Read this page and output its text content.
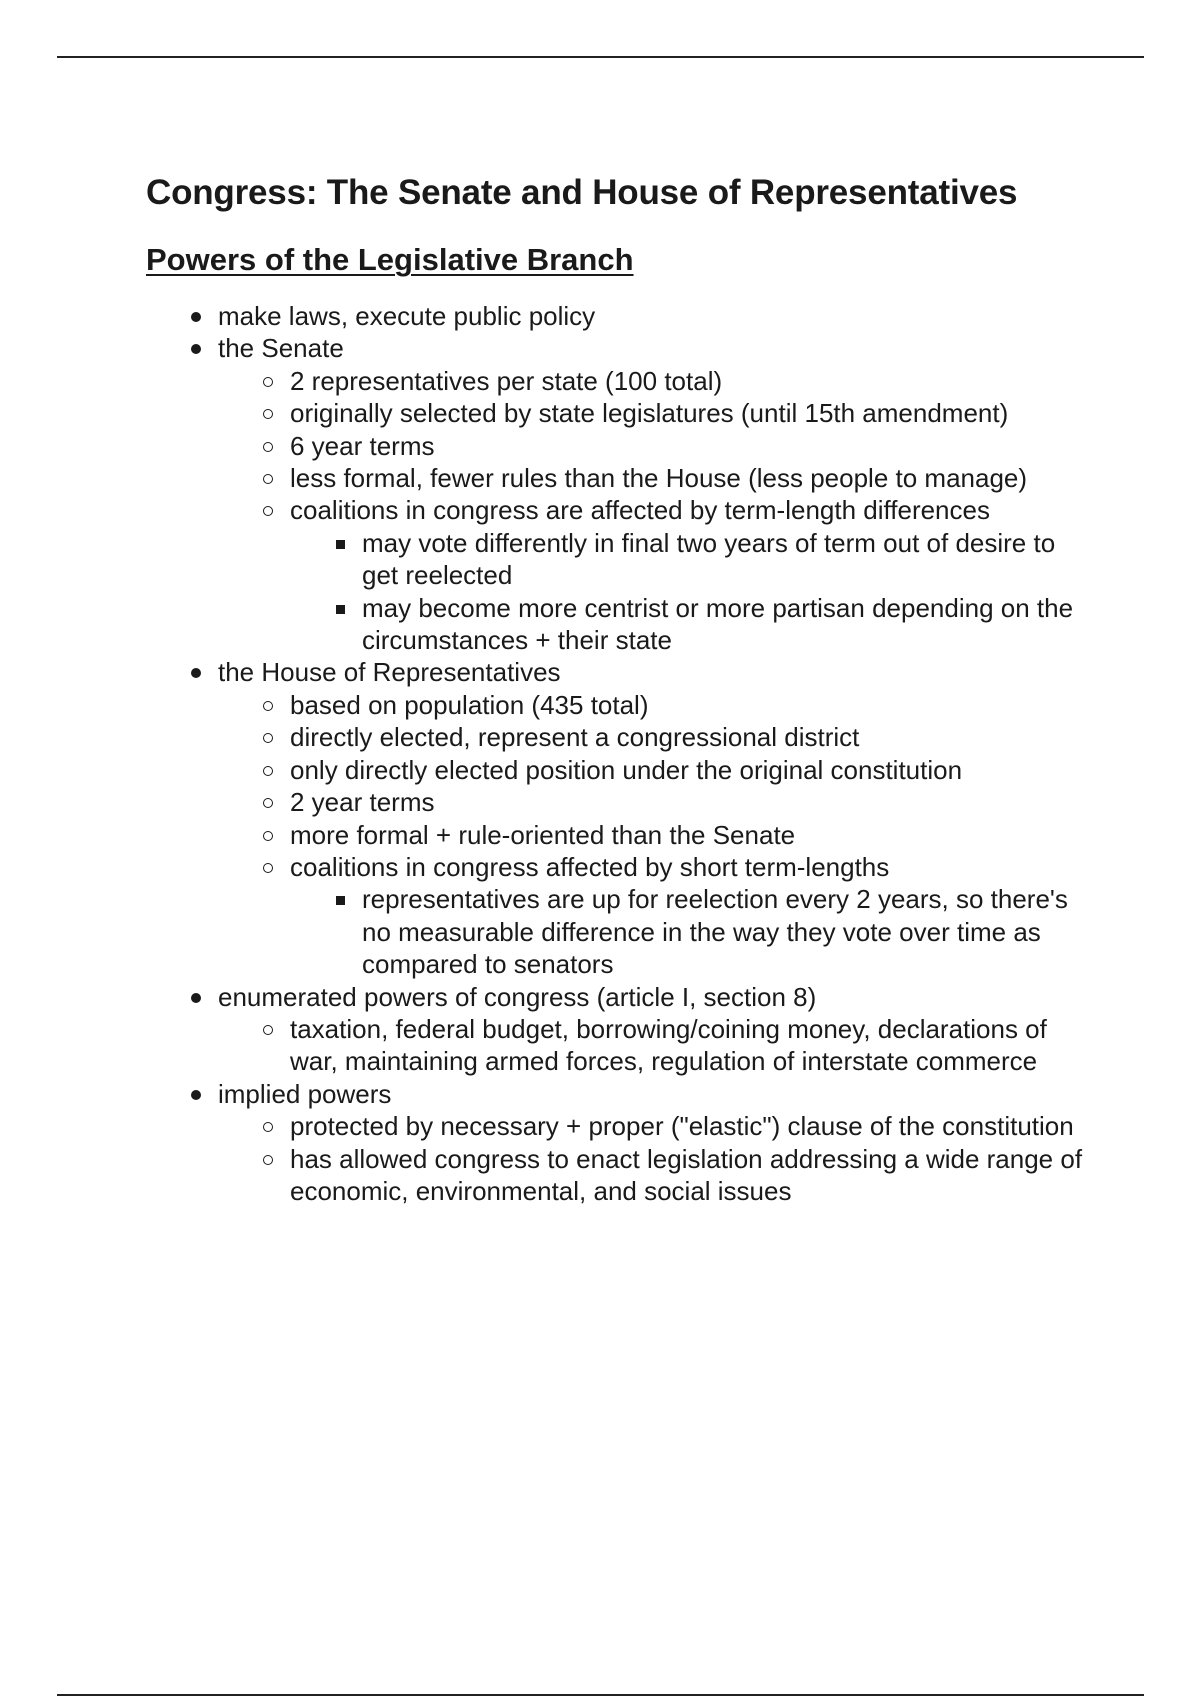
Congress: The Senate and House of Representatives
Powers of the Legislative Branch
make laws, execute public policy
the Senate
2 representatives per state (100 total)
originally selected by state legislatures (until 15th amendment)
6 year terms
less formal, fewer rules than the House (less people to manage)
coalitions in congress are affected by term-length differences
may vote differently in final two years of term out of desire to get reelected
may become more centrist or more partisan depending on the circumstances + their state
the House of Representatives
based on population (435 total)
directly elected, represent a congressional district
only directly elected position under the original constitution
2 year terms
more formal + rule-oriented than the Senate
coalitions in congress affected by short term-lengths
representatives are up for reelection every 2 years, so there's no measurable difference in the way they vote over time as compared to senators
enumerated powers of congress (article I, section 8)
taxation, federal budget, borrowing/coining money, declarations of war, maintaining armed forces, regulation of interstate commerce
implied powers
protected by necessary + proper ("elastic") clause of the constitution
has allowed congress to enact legislation addressing a wide range of economic, environmental, and social issues
